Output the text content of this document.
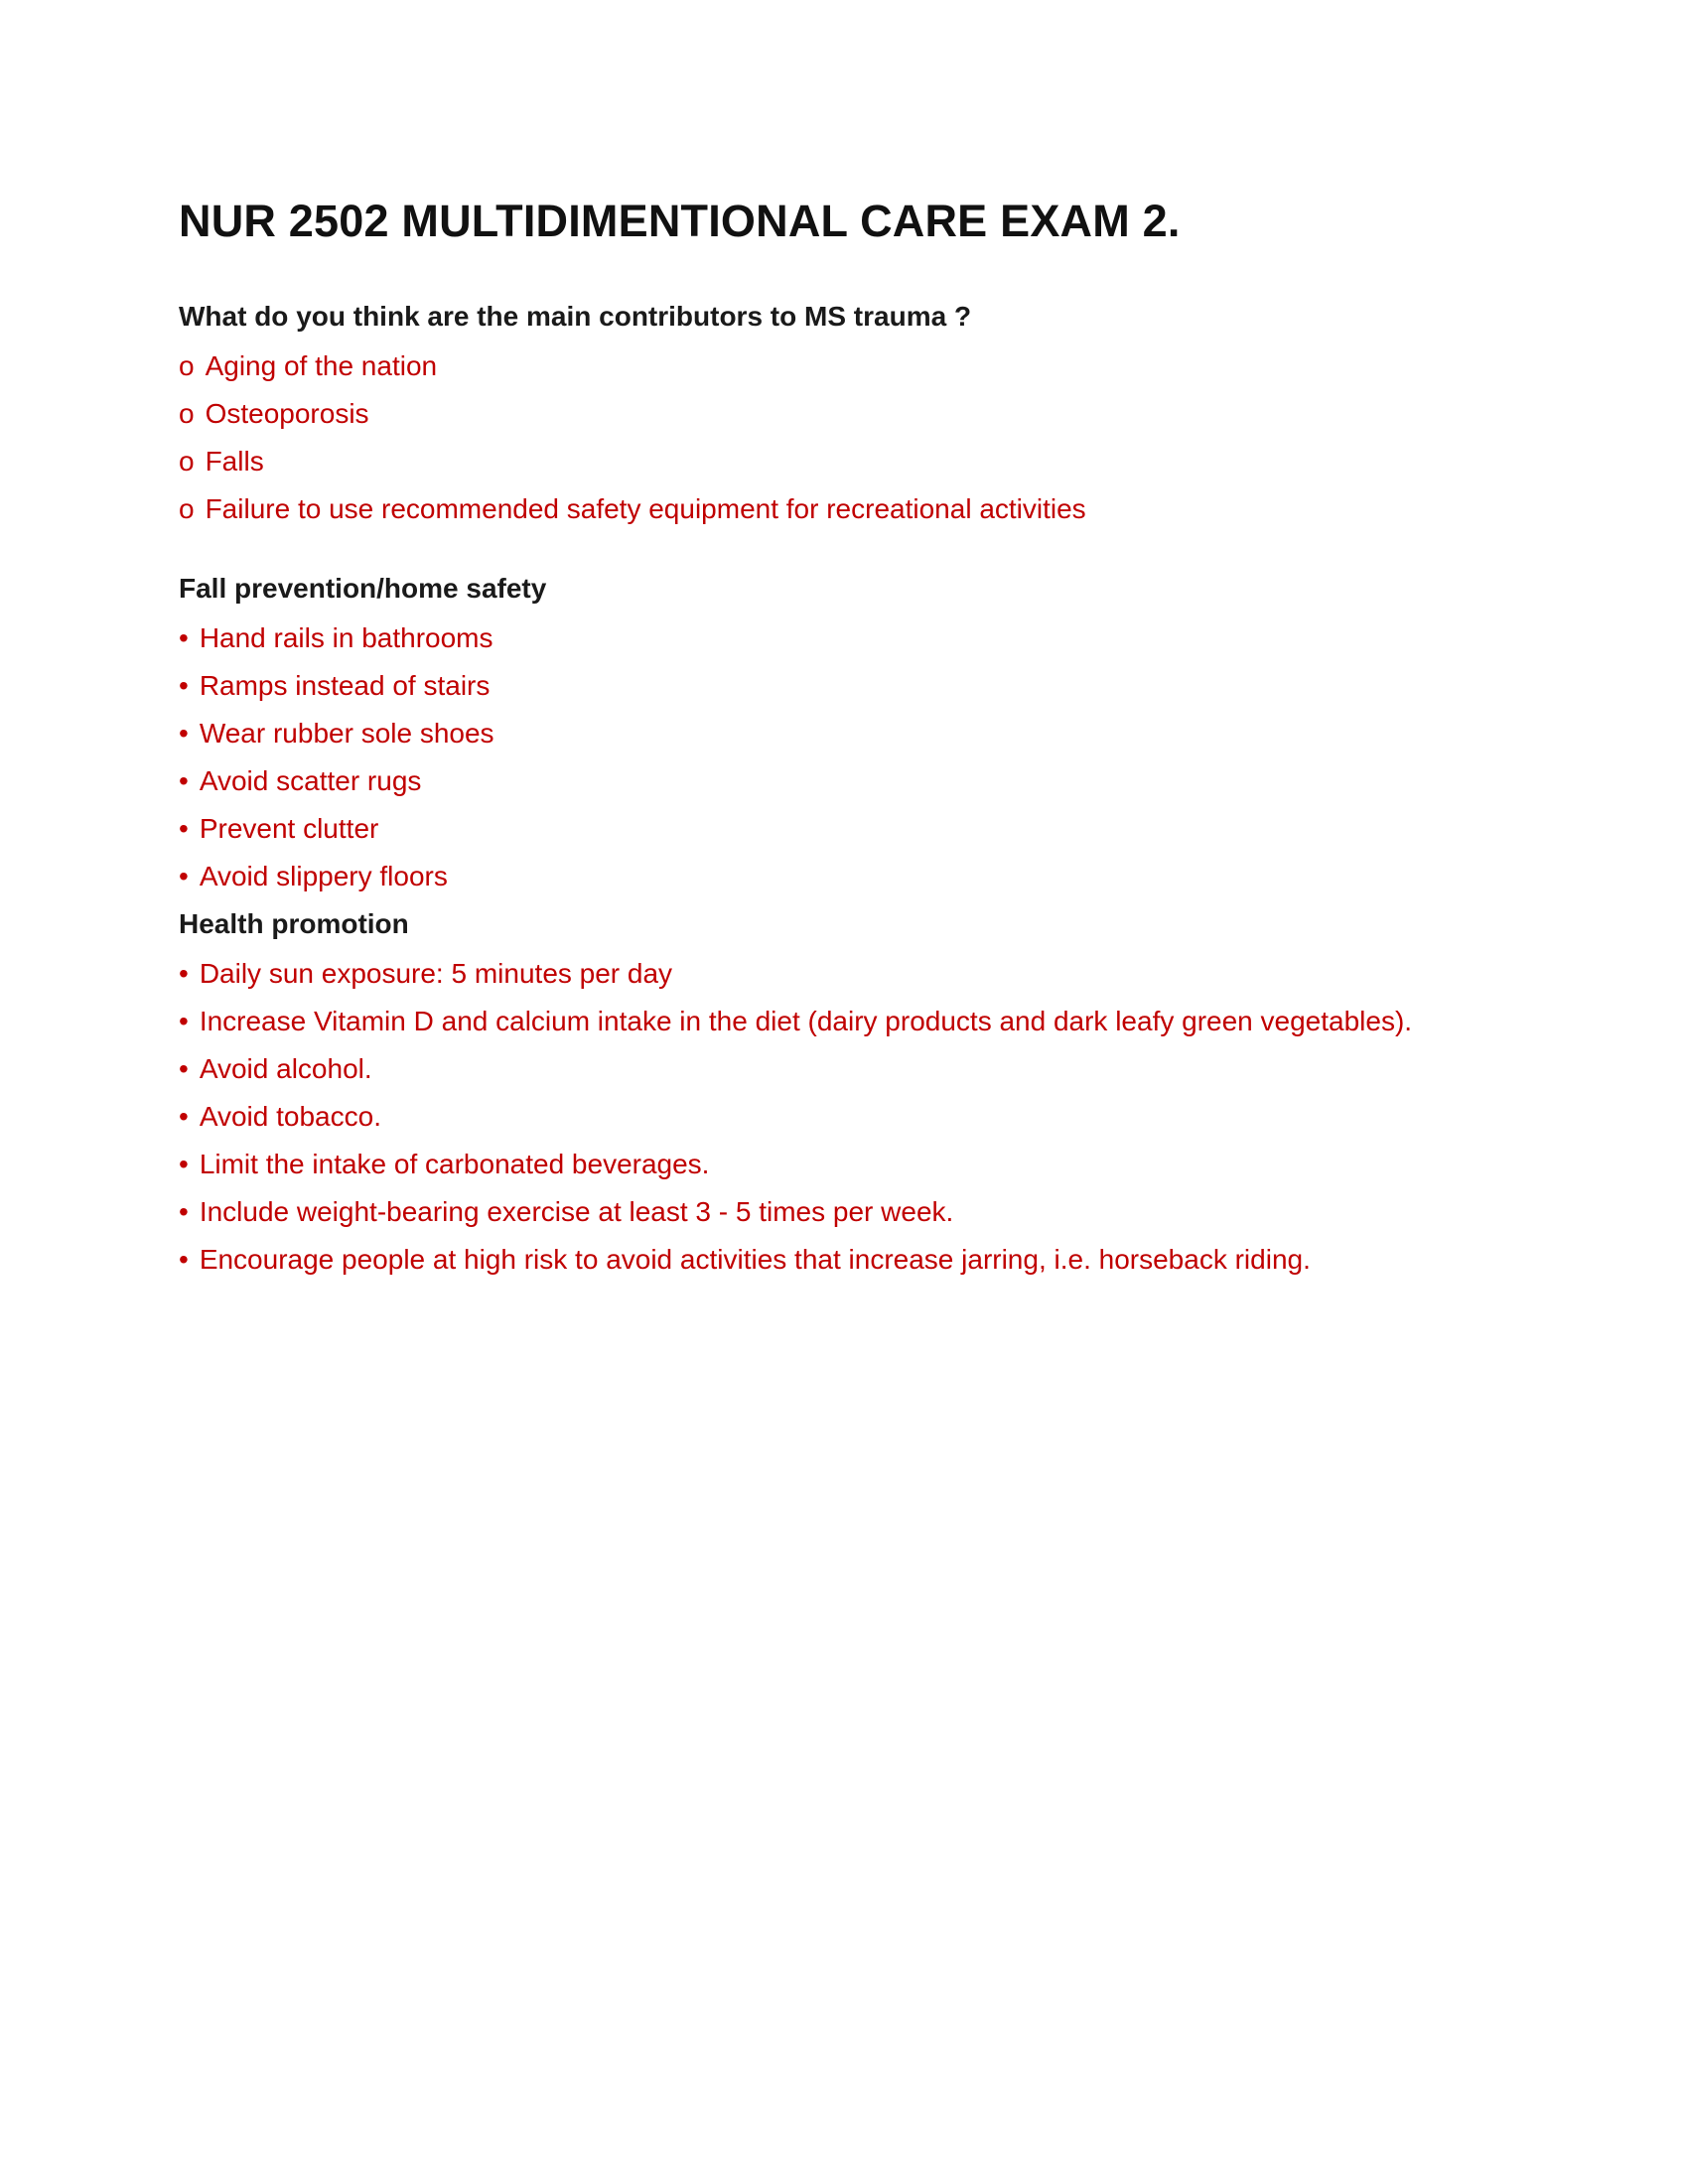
NUR 2502 MULTIDIMENTIONAL CARE EXAM 2.
What do you think are the main contributors to MS trauma ?

o Aging of the nation

o Osteoporosis

o Falls

o Failure to use recommended safety equipment for recreational activities

Fall prevention/home safety

• Hand rails in bathrooms

• Ramps instead of stairs

• Wear rubber sole shoes

• Avoid scatter rugs

• Prevent clutter

• Avoid slippery floors

Health promotion

• Daily sun exposure: 5 minutes per day

• Increase Vitamin D and calcium intake in the diet (dairy products and dark leafy green vegetables).

• Avoid alcohol.

• Avoid tobacco.

• Limit the intake of carbonated beverages.

• Include weight-bearing exercise at least 3 - 5 times per week.

• Encourage people at high risk to avoid activities that increase jarring, i.e. horseback riding.
